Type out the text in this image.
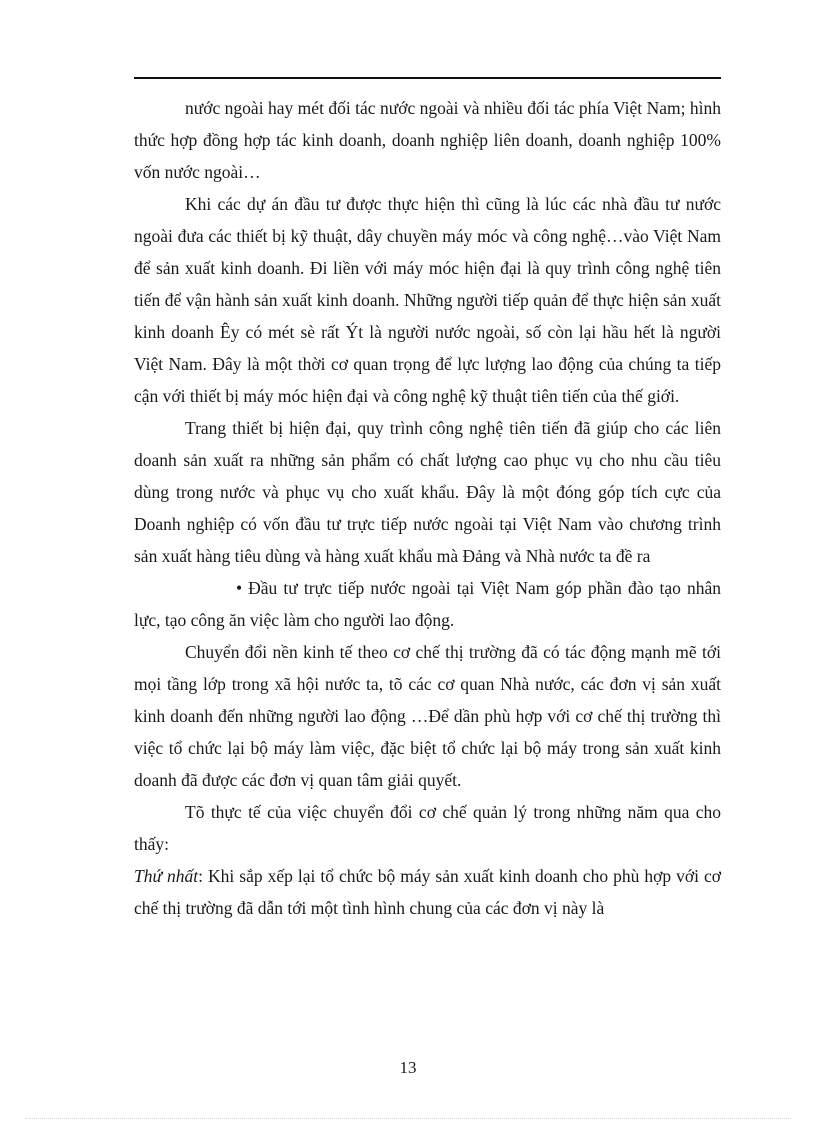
nước ngoài hay mét đối tác nước ngoài và nhiều đối tác phía Việt Nam; hình thức hợp đồng hợp tác kinh doanh, doanh nghiệp liên doanh, doanh nghiệp 100% vốn nước ngoài…

Khi các dự án đầu tư được thực hiện thì cũng là lúc các nhà đầu tư nước ngoài đưa các thiết bị kỹ thuật, dây chuyền máy móc và công nghệ…vào Việt Nam để sản xuất kinh doanh. Đi liền với máy móc hiện đại là quy trình công nghệ tiên tiến để vận hành sản xuất kinh doanh. Những người tiếp quản để thực hiện sản xuất kinh doanh Êy có mét sè rất Ýt là người nước ngoài, số còn lại hầu hết là người Việt Nam. Đây là một thời cơ quan trọng để lực lượng lao động của chúng ta tiếp cận với thiết bị máy móc hiện đại và công nghệ kỹ thuật tiên tiến của thế giới.

Trang thiết bị hiện đại, quy trình công nghệ tiên tiến đã giúp cho các liên doanh sản xuất ra những sản phẩm có chất lượng cao phục vụ cho nhu cầu tiêu dùng trong nước và phục vụ cho xuất khẩu. Đây là một đóng góp tích cực của Doanh nghiệp có vốn đầu tư trực tiếp nước ngoài tại Việt Nam vào chương trình sản xuất hàng tiêu dùng và hàng xuất khẩu mà Đảng và Nhà nước ta đề ra

• Đầu tư trực tiếp nước ngoài tại Việt Nam góp phần đào tạo nhân lực, tạo công ăn việc làm cho người lao động.

Chuyển đổi nền kinh tế theo cơ chế thị trường đã có tác động mạnh mẽ tới mọi tầng lớp trong xã hội nước ta, tõ các cơ quan Nhà nước, các đơn vị sản xuất kinh doanh đến những người lao động …Để dần phù hợp với cơ chế thị trường thì việc tổ chức lại bộ máy làm việc, đặc biệt tổ chức lại bộ máy trong sản xuất kinh doanh đã được các đơn vị quan tâm giải quyết.

Tõ thực tế của việc chuyển đổi cơ chế quản lý trong những năm qua cho thấy:

Thứ nhất: Khi sắp xếp lại tổ chức bộ máy sản xuất kinh doanh cho phù hợp với cơ chế thị trường đã dẫn tới một tình hình chung của các đơn vị này là

13
